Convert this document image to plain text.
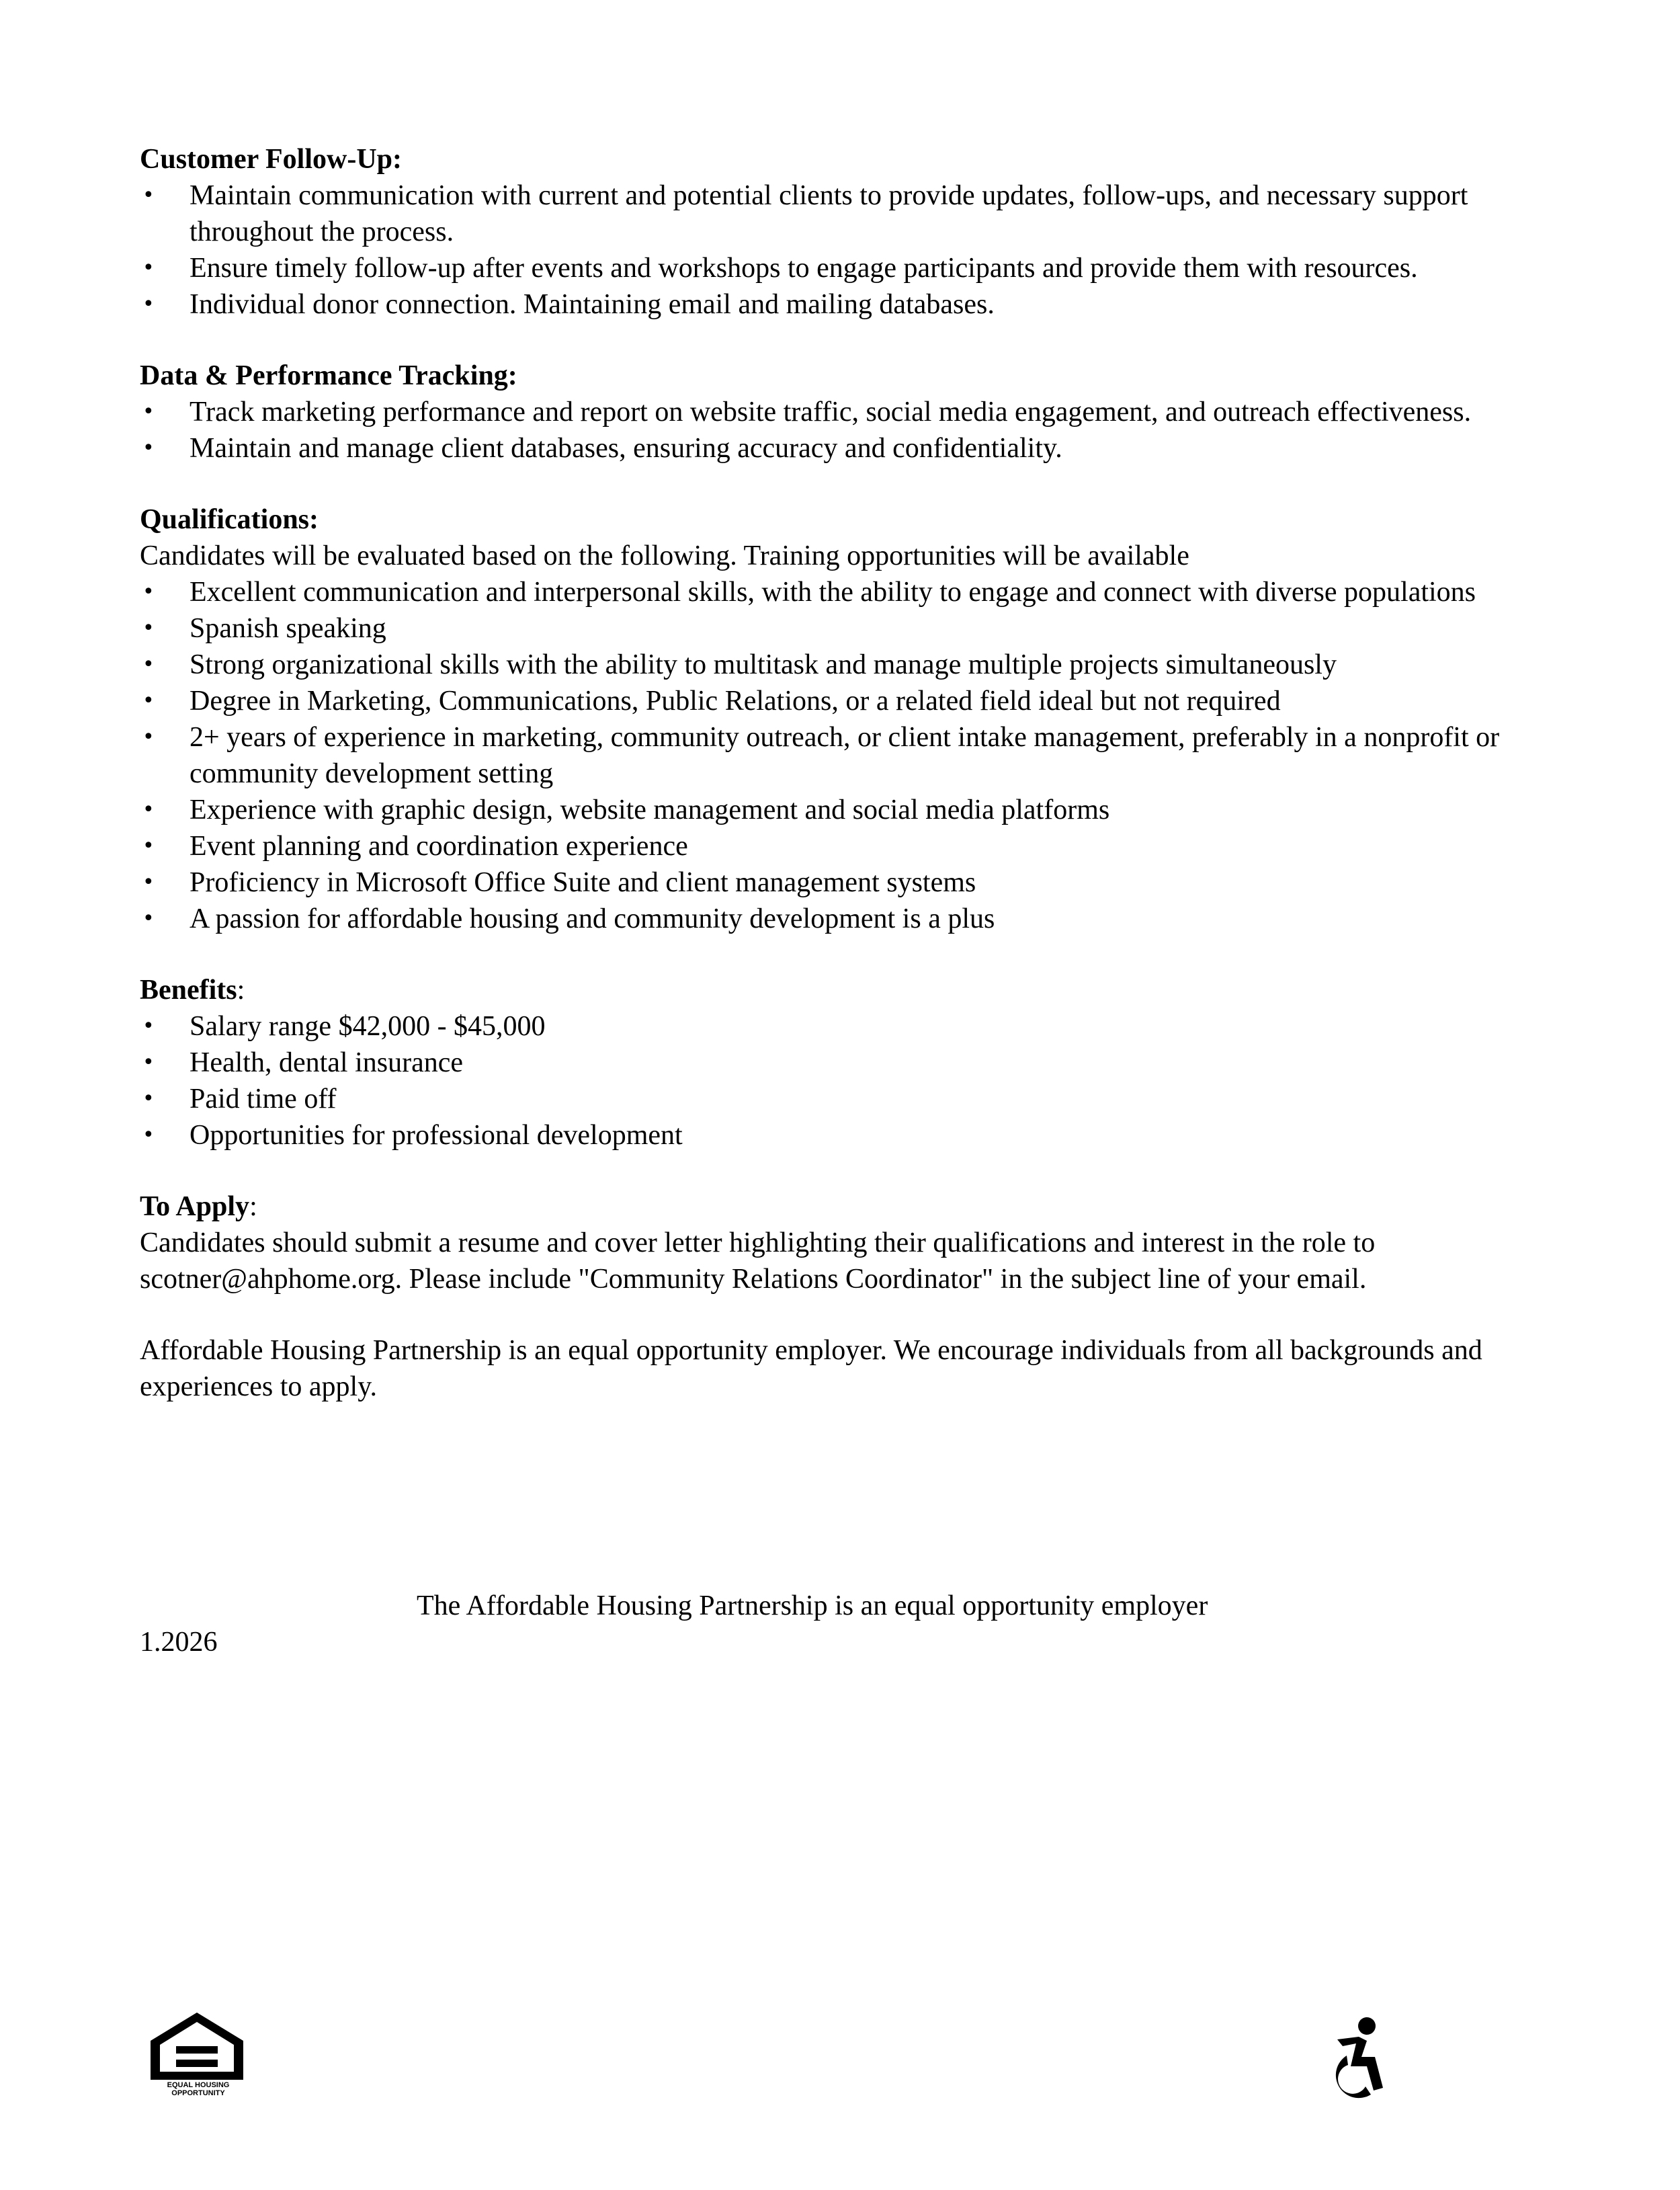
Customer Follow-Up:

• Maintain communication with current and potential clients to provide updates, follow-ups, and necessary support throughout the process.
• Ensure timely follow-up after events and workshops to engage participants and provide them with resources.
• Individual donor connection. Maintaining email and mailing databases.

Data & Performance Tracking:

• Track marketing performance and report on website traffic, social media engagement, and outreach effectiveness.
• Maintain and manage client databases, ensuring accuracy and confidentiality.

Qualifications:

Candidates will be evaluated based on the following. Training opportunities will be available

• Excellent communication and interpersonal skills, with the ability to engage and connect with diverse populations
• Spanish speaking
• Strong organizational skills with the ability to multitask and manage multiple projects simultaneously
• Degree in Marketing, Communications, Public Relations, or a related field ideal but not required
• 2+ years of experience in marketing, community outreach, or client intake management, preferably in a nonprofit or community development setting
• Experience with graphic design, website management and social media platforms
• Event planning and coordination experience
• Proficiency in Microsoft Office Suite and client management systems
• A passion for affordable housing and community development is a plus

Benefits:

• Salary range $42,000 - $45,000
• Health, dental insurance
• Paid time off
• Opportunities for professional development

To Apply:

Candidates should submit a resume and cover letter highlighting their qualifications and interest in the role to scotner@ahphome.org. Please include "Community Relations Coordinator" in the subject line of your email.

Affordable Housing Partnership is an equal opportunity employer. We encourage individuals from all backgrounds and experiences to apply.

The Affordable Housing Partnership is an equal opportunity employer

1.2026

EQUAL HOUSING OPPORTUNITY
